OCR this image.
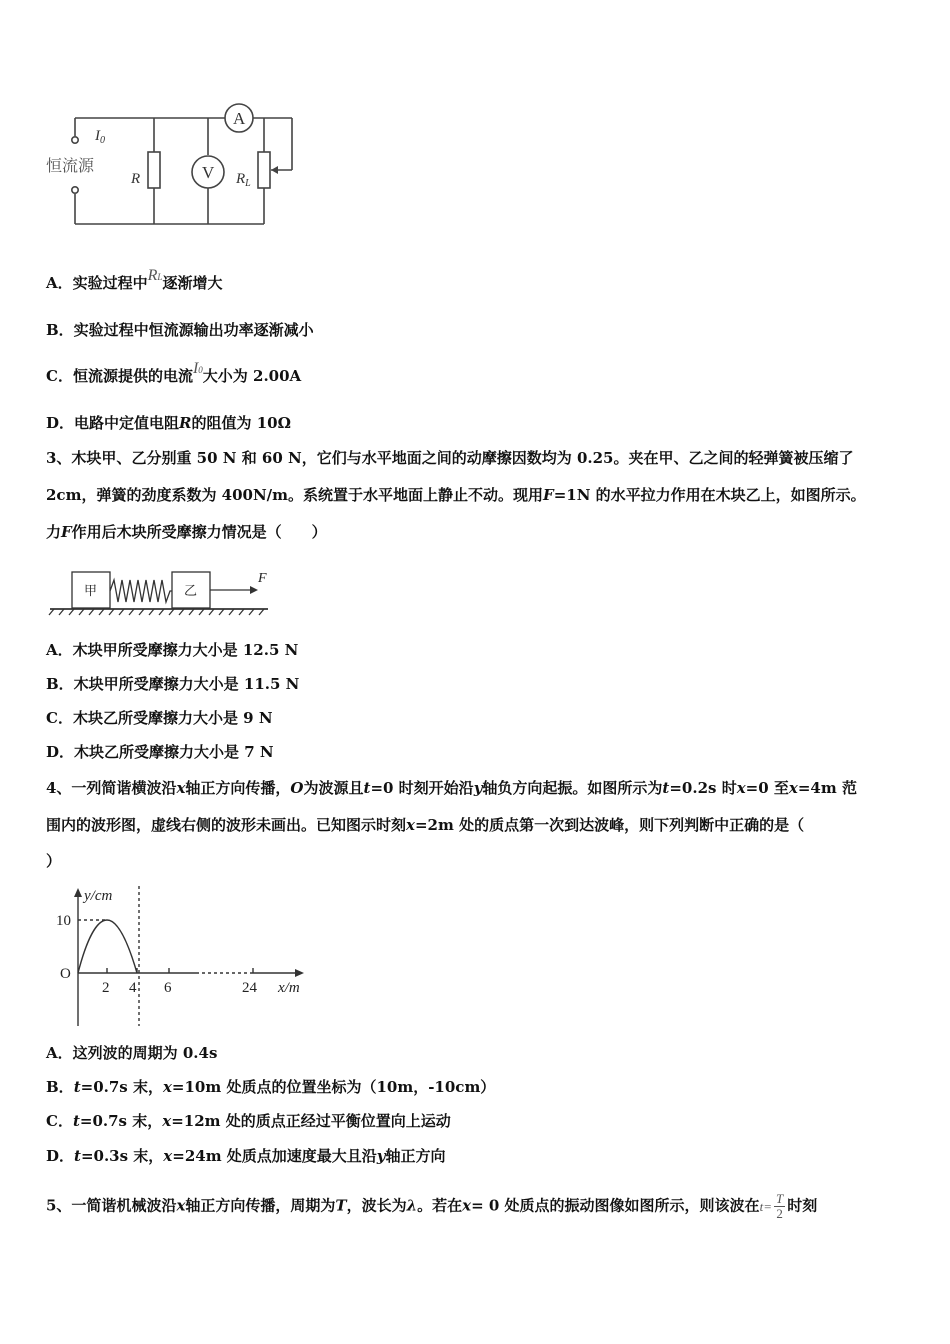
A
V
恒流源
$I_0$
R	$R_L$
A．实验过程中RL逐渐增大
B．实验过程中恒流源输出功率逐渐减小
C．恒流源提供的电流I0大小为 2.00A
D．电路中定值电阻R的阻值为 10Ω
3、木块甲、乙分别重 50 N 和 60 N，它们与水平地面之间的动摩擦因数均为 0.25。夹在甲、乙之间的轻弹簧被压缩了
2cm，弹簧的劲度系数为 400N/m。系统置于水平地面上静止不动。现用F=1N 的水平拉力作用在木块乙上，如图所示。
力F作用后木块所受摩擦力情况是（　　）
甲	乙
F
A．木块甲所受摩擦力大小是 12.5 N
B．木块甲所受摩擦力大小是 11.5 N
C．木块乙所受摩擦力大小是 9 N
D．木块乙所受摩擦力大小是 7 N
4、一列简谐横波沿x轴正方向传播，O为波源且t=0 时刻开始沿y轴负方向起振。如图所示为t=0.2s 时x=0 至x=4m 范
围内的波形图，虚线右侧的波形未画出。已知图示时刻x=2m 处的质点第一次到达波峰，则下列判断中正确的是（
）
y/cm
x/m
10
O
2 4 6	24
A．这列波的周期为 0.4s
B．t=0.7s 末，x=10m 处质点的位置坐标为（10m，-10cm）
C．t=0.7s 末，x=12m 处的质点正经过平衡位置向上运动
D．t=0.3s 末，x=24m 处质点加速度最大且沿y轴正方向
5、一简谐机械波沿x轴正方向传播，周期为T，波长为λ。若在x= 0 处质点的振动图像如图所示，则该波在$t= \frac{T}{2}$ 时刻
